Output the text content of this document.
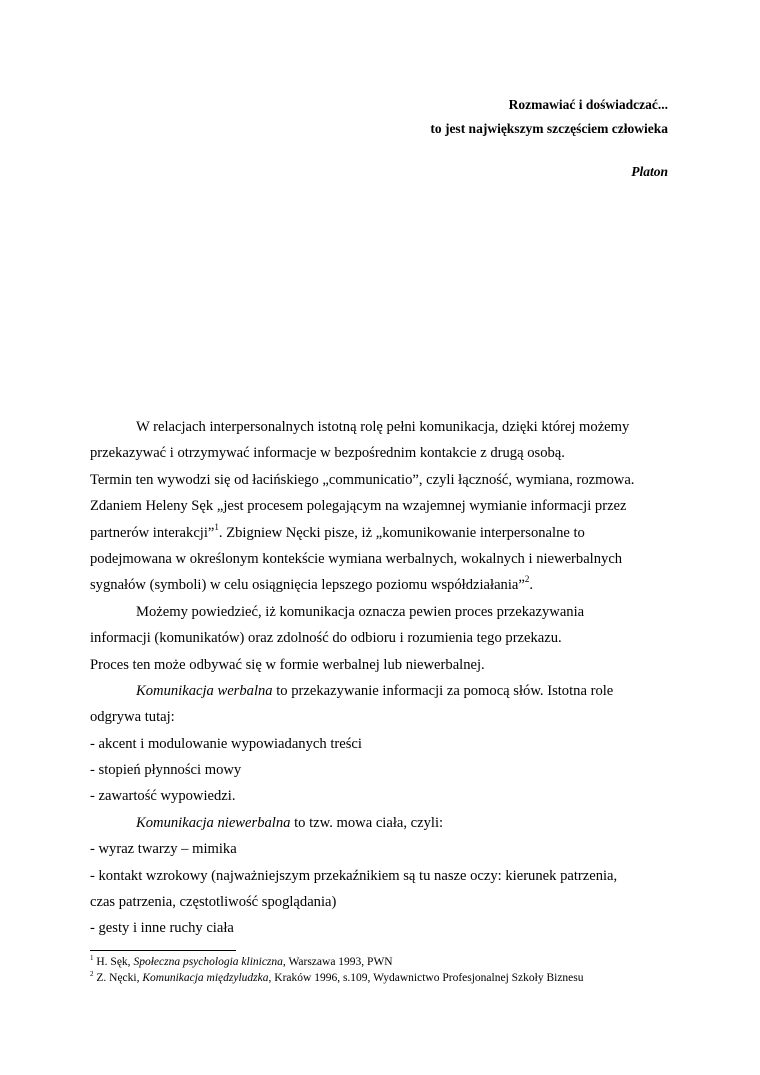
Rozmawiać i doświadczać...
to jest największym szczęściem człowieka
Platon
W relacjach interpersonalnych istotną rolę pełni komunikacja, dzięki której możemy
przekazywać i otrzymywać informacje w bezpośrednim kontakcie z drugą osobą.
Termin ten wywodzi się od łacińskiego „communicatio”, czyli łączność, wymiana, rozmowa.
Zdaniem Heleny Sęk „jest procesem polegającym na wzajemnej wymianie informacji przez
partnerów interakcji”$^1$. Zbigniew Nęcki pisze, iż „komunikowanie interpersonalne to
podejmowana w określonym kontekście wymiana werbalnych, wokalnych i niewerbalnych
sygnałów (symboli) w celu osiągnięcia lepszego poziomu współdziałania”$^2$.
Możemy powiedzieć, iż komunikacja oznacza pewien proces przekazywania
informacji (komunikatów) oraz zdolność do odbioru i rozumienia tego przekazu.
Proces ten może odbywać się w formie werbalnej lub niewerbalnej.
Komunikacja werbalna to przekazywanie informacji za pomocą słów. Istotna role
odgrywa tutaj:
- akcent i modulowanie wypowiadanych treści
- stopień płynności mowy
- zawartość wypowiedzi.
Komunikacja niewerbalna to tzw. mowa ciała, czyli:
- wyraz twarzy – mimika
- kontakt wzrokowy (najważniejszym przekaźnikiem są tu nasze oczy: kierunek patrzenia,
czas patrzenia, częstotliwość spoglądania)
- gesty i inne ruchy ciała
$^1$ H. Sęk, Społeczna psychologia kliniczna, Warszawa 1993, PWN
$^2$ Z. Nęcki, Komunikacja międzyludzka, Kraków 1996, s.109, Wydawnictwo Profesjonalnej Szkoły Biznesu
